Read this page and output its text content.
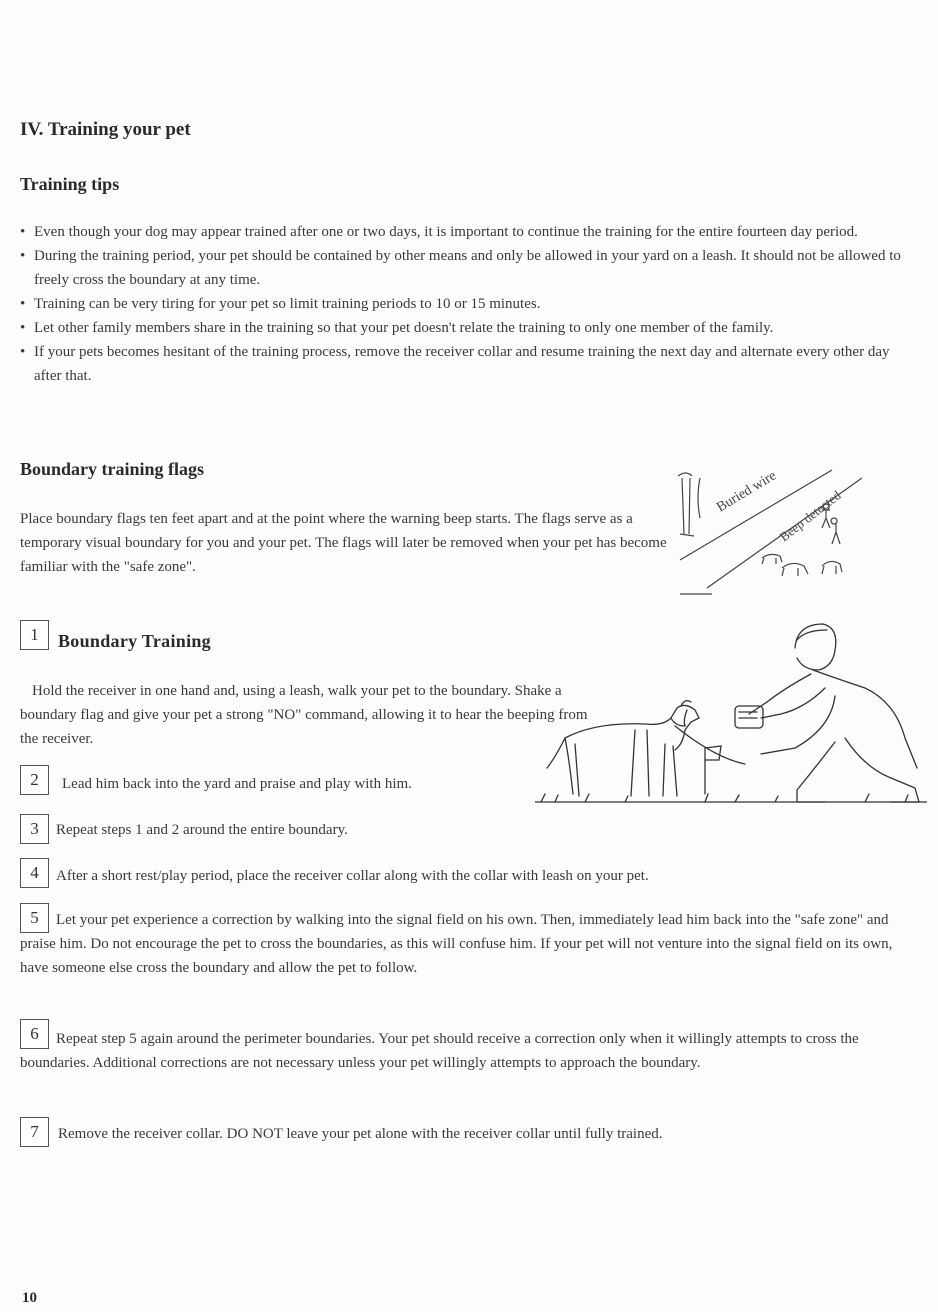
IV. Training your pet
Training tips
• Even though your dog may appear trained after one or two days, it is important to continue the training for the entire fourteen day period.
• During the training period, your pet should be contained by other means and only be allowed in your yard on a leash. It should not be allowed to freely cross the boundary at any time.
• Training can be very tiring for your pet so limit training periods to 10 or 15 minutes.
• Let other family members share in the training so that your pet doesn't relate the training to only one member of the family.
• If your pets becomes hesitant of the training process, remove the receiver collar and resume training the next day and alternate every other day after that.
Boundary training flags
Place boundary flags ten feet apart and at the point where the warning beep starts. The flags serve as a temporary visual boundary for you and your pet. The flags will later be removed when your pet has become familiar with the "safe zone".
Buried wire
Beep detected
1	Boundary Training
Hold the receiver in one hand and, using a leash, walk your pet to the boundary. Shake a boundary flag and give your pet a strong "NO" command, allowing it to hear the beeping from the receiver.
2	Lead him back into the yard and praise and play with him.
3	Repeat steps 1 and 2 around the entire boundary.
4	After a short rest/play period, place the receiver collar along with the collar with leash on your pet.
5	Let your pet experience a correction by walking into the signal field on his own. Then, immediately lead him back into the "safe zone" and praise him. Do not encourage the pet to cross the boundaries, as this will confuse him. If your pet will not venture into the signal field on its own, have someone else cross the boundary and allow the pet to follow.
6	Repeat step 5 again around the perimeter boundaries. Your pet should receive a correction only when it willingly attempts to cross the boundaries. Additional corrections are not necessary unless your pet willingly attempts to approach the boundary.
7	Remove the receiver collar. DO NOT leave your pet alone with the receiver collar until fully trained.
10
